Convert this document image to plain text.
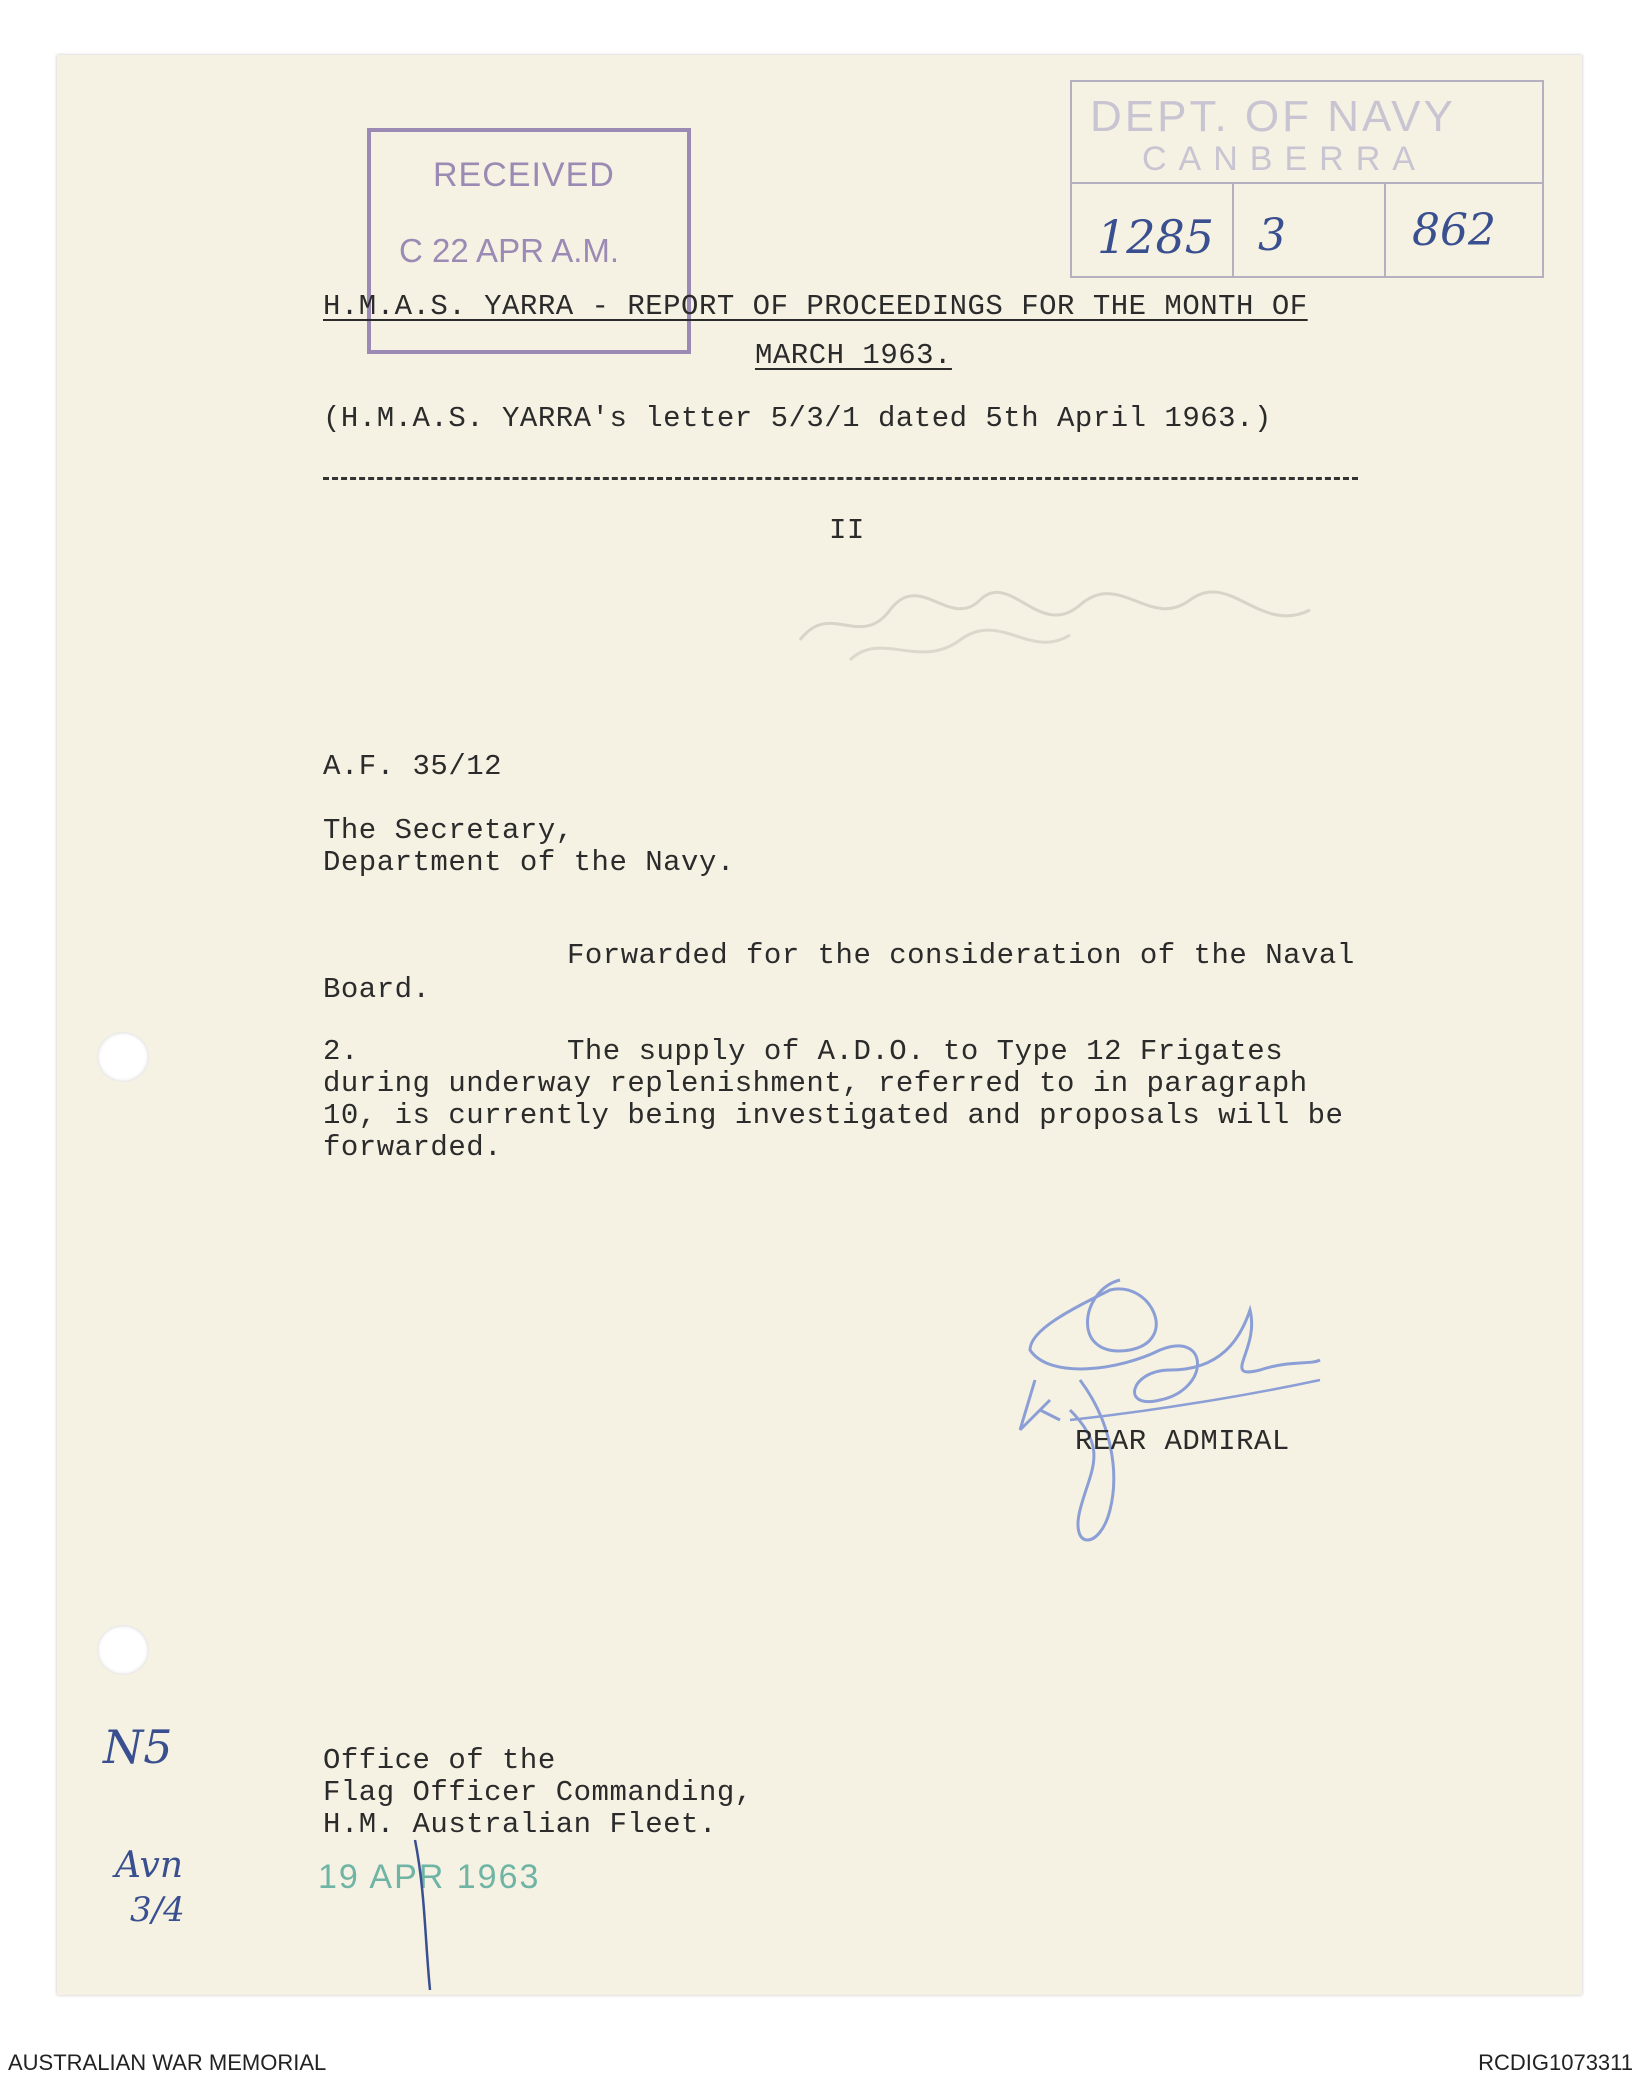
RECEIVED
C 22 APR A.M.
DEPT. OF NAVY
CANBERRA
1285 3	862
H.M.A.S. YARRA - REPORT OF PROCEEDINGS FOR THE MONTH OF
MARCH 1963.
(H.M.A.S. YARRA's letter 5/3/1 dated 5th April 1963.)
II
A.F. 35/12
The Secretary,
Department of the Navy.
Forwarded for the consideration of the Naval
Board.
2.	The supply of A.D.O. to Type 12 Frigates
during underway replenishment, referred to in paragraph
10, is currently being investigated and proposals will be
forwarded.
REAR ADMIRAL
Office of the
Flag Officer Commanding,
H.M. Australian Fleet.
19 APR 1963
N5
Avn
3/4
AUSTRALIAN WAR MEMORIAL	RCDIG1073311
